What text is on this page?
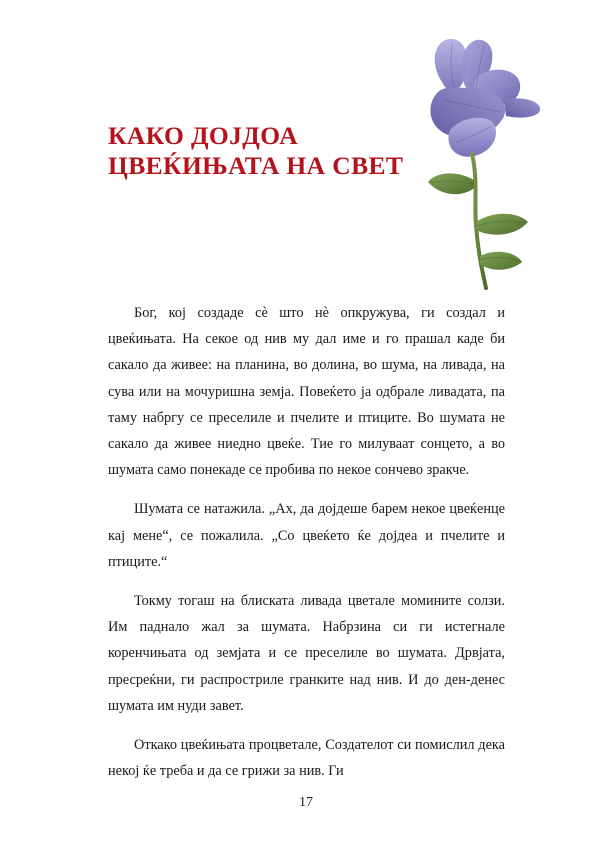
КАКО ДОЈДОА
ЦВЕЌИЊАТА НА СВЕТ

Бог, кој создаде сѐ што нѐ опкружува, ги создал и цвеќињата. На секое од нив му дал име и го прашал каде би сакало да живее: на планина, во долина, во шума, на ливада, на сува или на мочуришна земја. Повеќето ја одбрале ливадата, па таму набргу се преселиле и пчелите и птиците. Во шумата не сакало да живее ниедно цвеќе. Тие го милуваат сонцето, а во шумата само понекаде се пробива по некое сончево зракче.

Шумата се натажила. „Ах, да дојдеше барем некое цвеќенце кај мене“, се пожалила. „Со цвеќето ќе дојдеа и пчелите и птиците.“

Токму тогаш на блиската ливада цветале моминитe солзи. Им паднало жал за шумата. Набрзина си ги истегнале коренчињата од земјата и се преселиле во шумата. Дрвјата, пресреќни, ги распростриле гранките над нив. И до ден-денес шумата им нуди завет.

Откако цвеќињата процветале, Создателот си помислил дека некој ќе треба и да се грижи за нив. Ги

17
